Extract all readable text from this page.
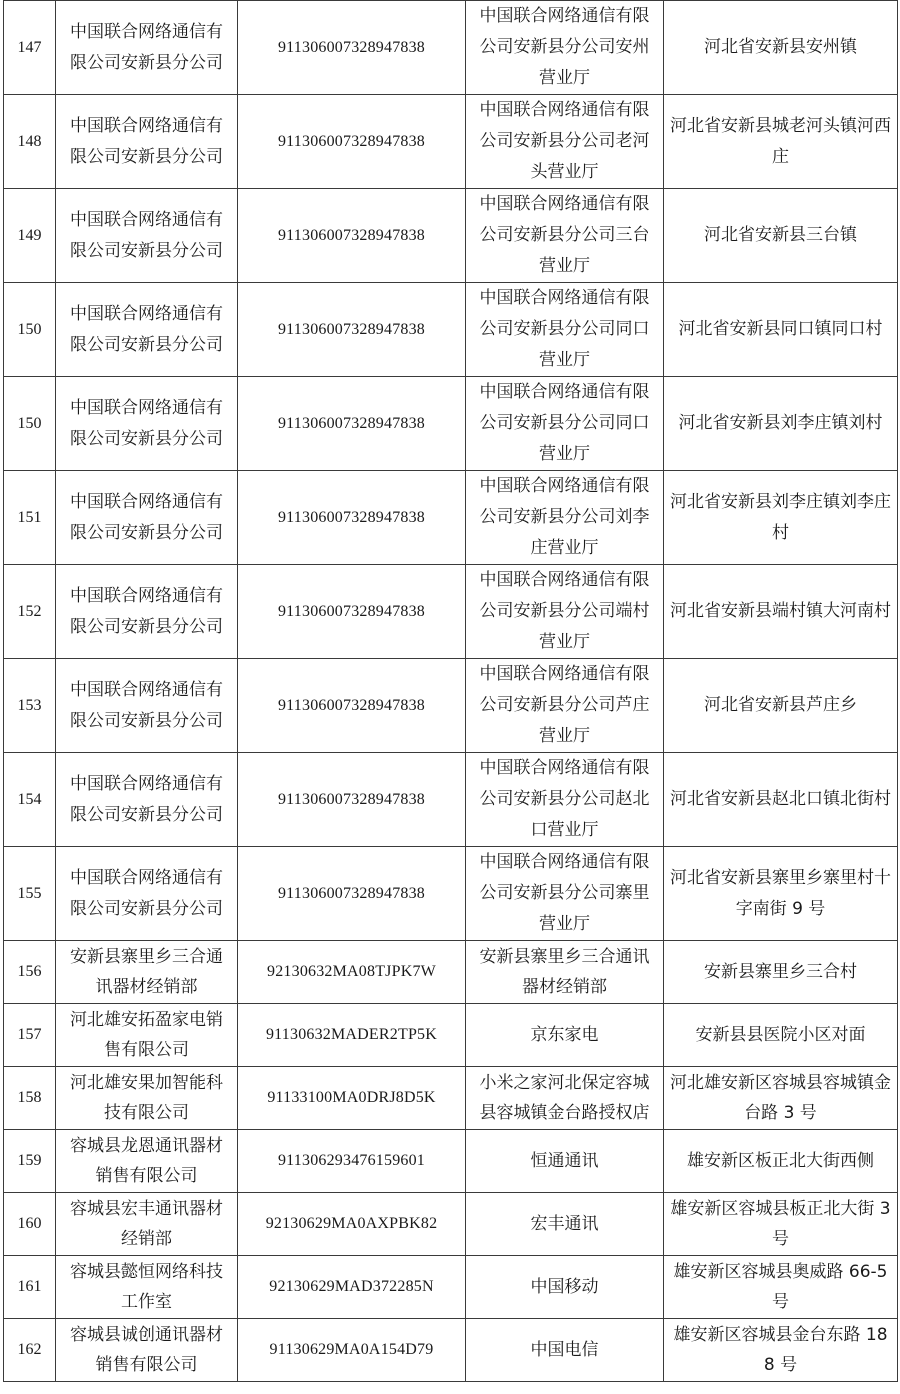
147	中国联合网络通信有限公司安新县分公司	91130600732894783​8	中国联合网络通信有限公司安新县分公司安州营业厅	河北省安新县安州镇
148	中国联合网络通信有限公司安新县分公司	911306007328947838	中国联合网络通信有限公司安新县分公司老河头营业厅	河北省安新县城老河头镇河西庄
149	中国联合网络通信有限公司安新县分公司	911306007328947838	中国联合网络通信有限公司安新县分公司三台营业厅	河北省安新县三台镇
150	中国联合网络通信有限公司安新县分公司	911306007328947838	中国联合网络通信有限公司安新县分公司同口营业厅	河北省安新县同口镇同口村
150	中国联合网络通信有限公司安新县分公司	911306007328947838	中国联合网络通信有限公司安新县分公司同口营业厅	河北省安新县刘李庄镇刘村
151	中国联合网络通信有限公司安新县分公司	911306007328947838	中国联合网络通信有限公司安新县分公司刘李庄营业厅	河北省安新县刘李庄镇刘李庄村
152	中国联合网络通信有限公司安新县分公司	911306007328947838	中国联合网络通信有限公司安新县分公司端村营业厅	河北省安新县端村镇大河南村
153	中国联合网络通信有限公司安新县分公司	911306007328947838	中国联合网络通信有限公司安新县分公司芦庄营业厅	河北省安新县芦庄乡
154	中国联合网络通信有限公司安新县分公司	911306007328947838	中国联合网络通信有限公司安新县分公司赵北口营业厅	河北省安新县赵北口镇北街村
155	中国联合网络通信有限公司安新县分公司	911306007328947838	中国联合网络通信有限公司安新县分公司寨里营业厅	河北省安新县寨里乡寨里村十字南街 9 号
156	安新县寨里乡三合通讯器材经销部	92130632MA08TJPK7W	安新县寨里乡三合通讯器材经销部	安新县寨里乡三合村
157	河北雄安拓盈家电销售有限公司	91130632MADER2TP5K	京东家电	安新县县医院小区对面
158	河北雄安果加智能科技有限公司	91133100MA0DRJ8D5K	小米之家河北保定容城县容城镇金台路授权店	河北雄安新区容城县容城镇金台路 3 号
159	容城县龙恩通讯器材销售有限公司	91130629347615960​1	恒通通讯	雄安新区板正北大街西侧
160	容城县宏丰通讯器材经销部	92130629MA0AXPBK82	宏丰通讯	雄安新区容城县板正北大街 3 号
161	容城县懿恒网络科技工作室	92130629MAD372285N	中国移动	雄安新区容城县奥威路 66-5 号
162	容城县诚创通讯器材销售有限公司	91130629MA0A154D79	中国电信	雄安新区容城县金台东路 188 号
